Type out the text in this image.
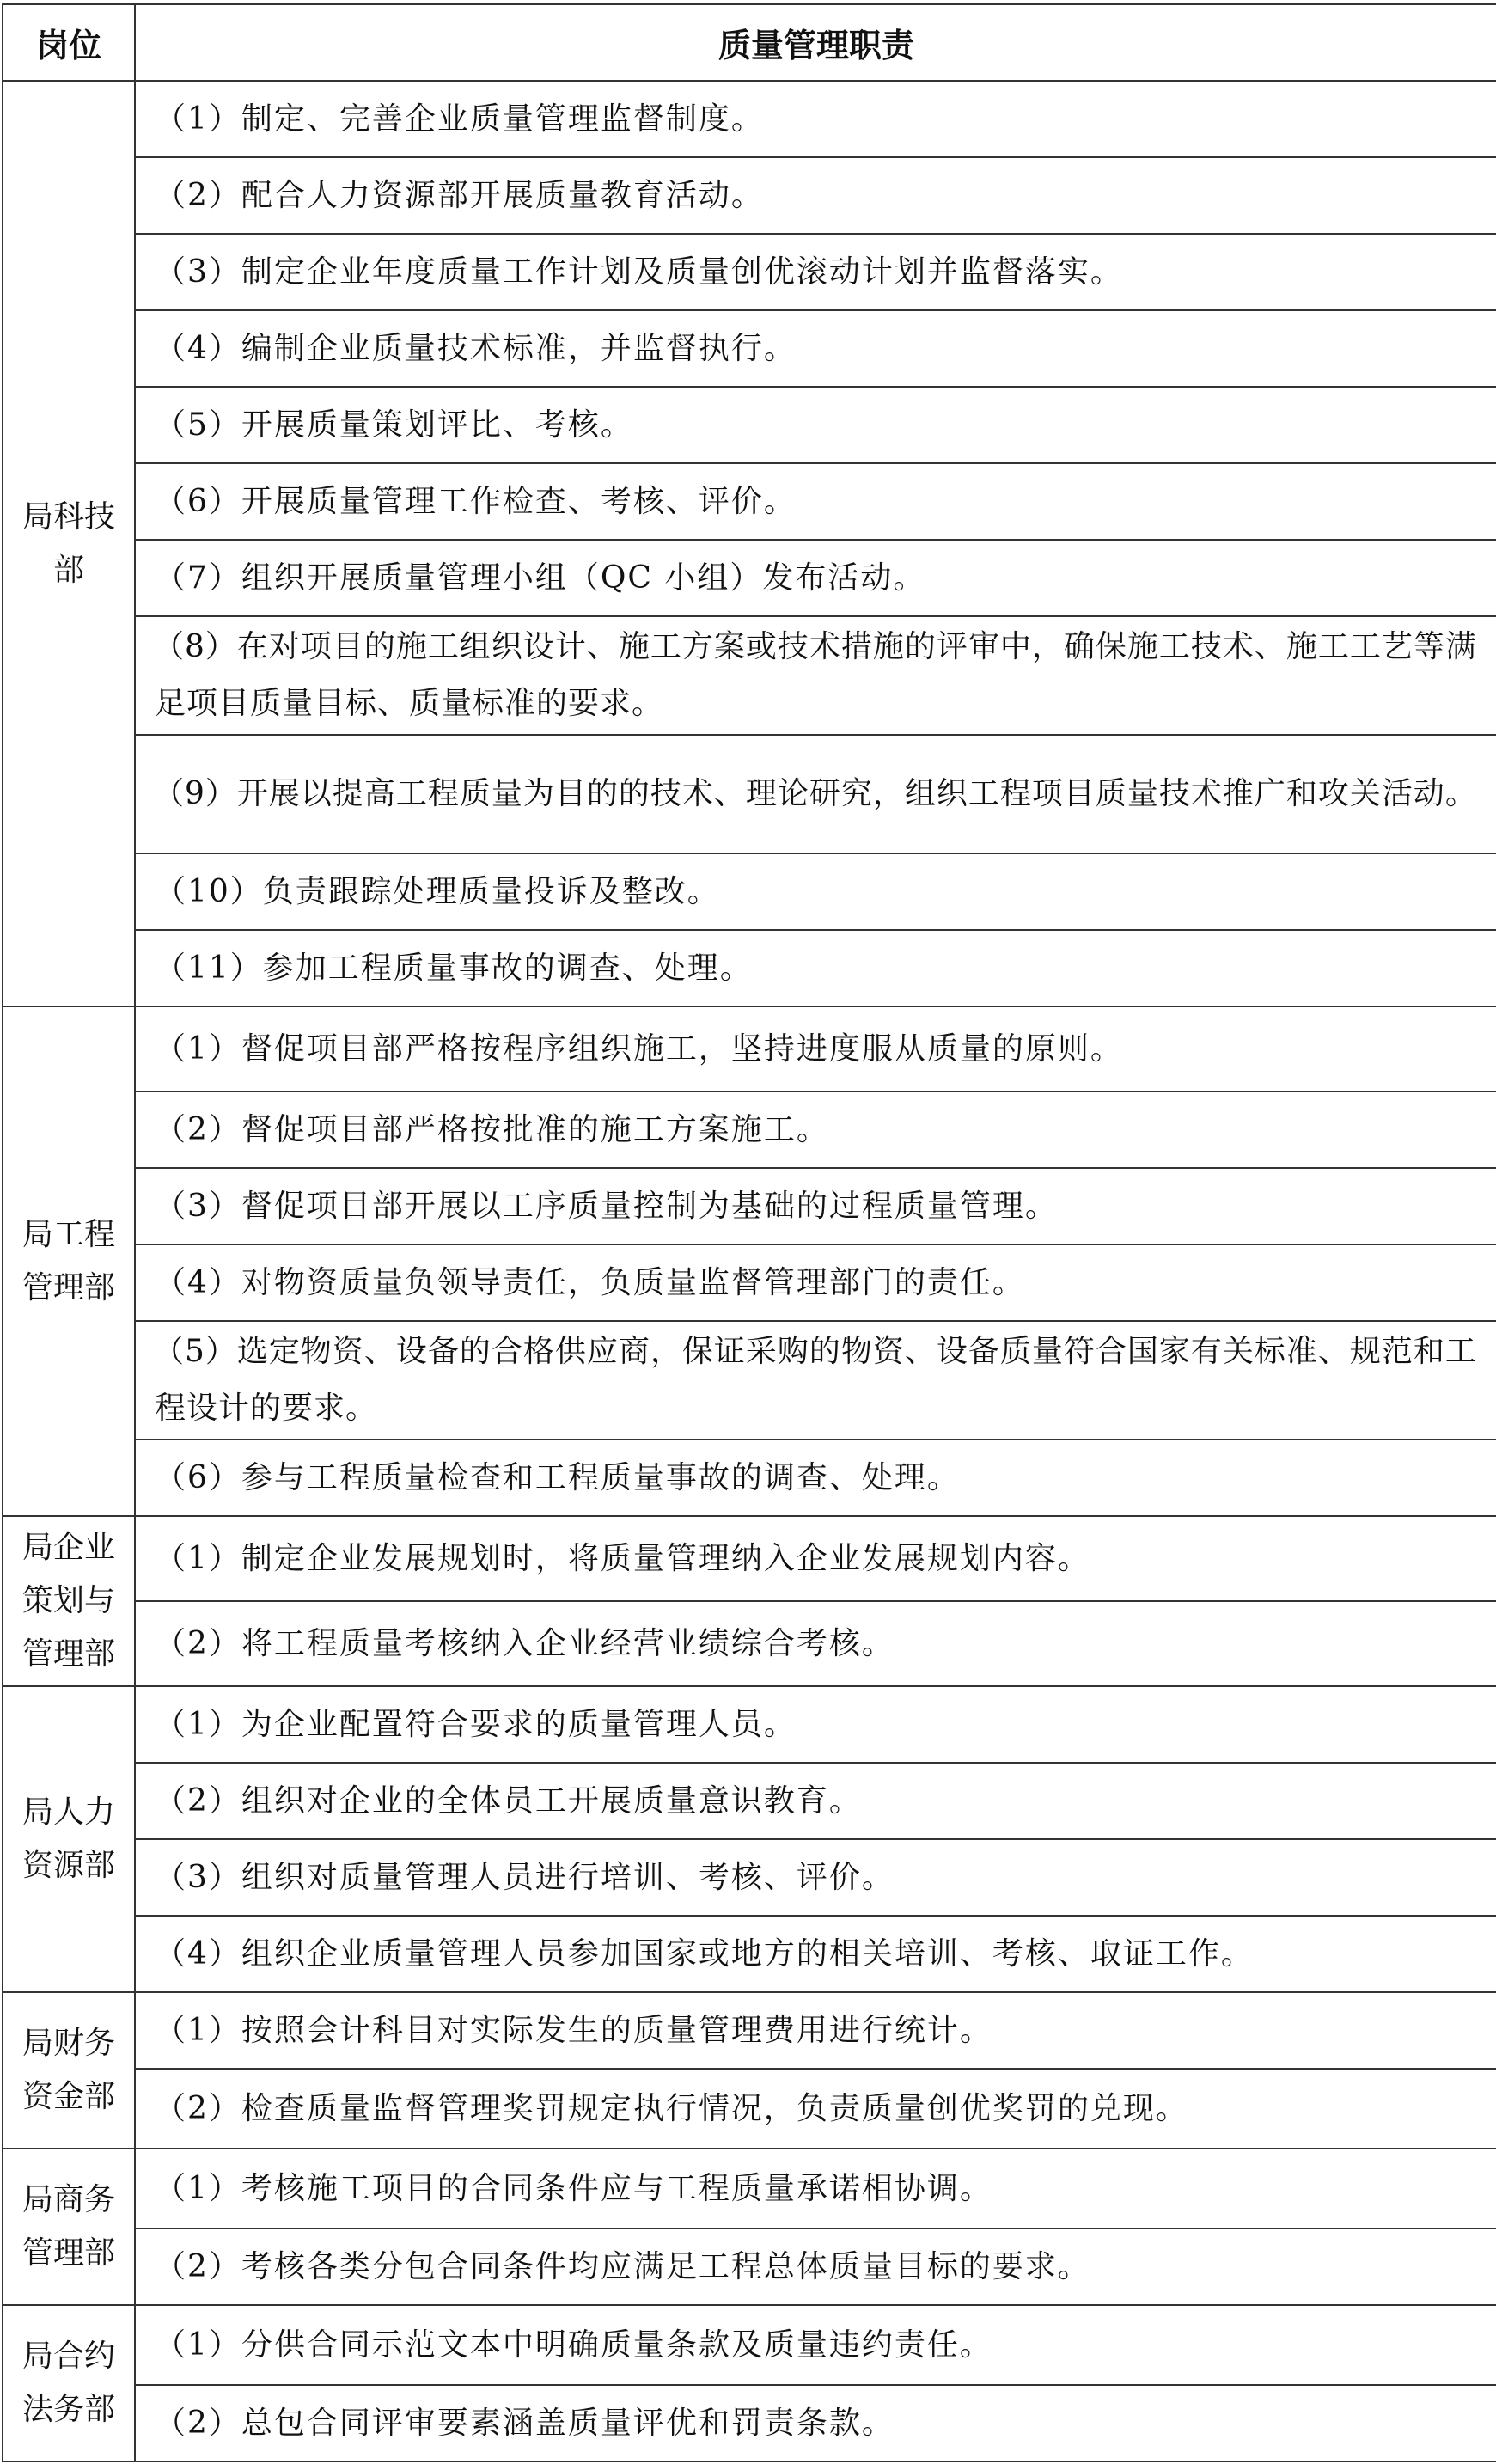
岗位	质量管理职责
局科技部	（1）制定、完善企业质量管理监督制度。
	（2）配合人力资源部开展质量教育活动。
	（3）制定企业年度质量工作计划及质量创优滚动计划并监督落实。
	（4）编制企业质量技术标准，并监督执行。
	（5）开展质量策划评比、考核。
	（6）开展质量管理工作检查、考核、评价。
	（7）组织开展质量管理小组（QC 小组）发布活动。
	（8）在对项目的施工组织设计、施工方案或技术措施的评审中，确保施工技术、施工工艺等满足项目质量目标、质量标准的要求。
	（9）开展以提高工程质量为目的的技术、理论研究，组织工程项目质量技术推广和攻关活动。
	（10）负责跟踪处理质量投诉及整改。
	（11）参加工程质量事故的调查、处理。
局工程管理部	（1）督促项目部严格按程序组织施工，坚持进度服从质量的原则。
	（2）督促项目部严格按批准的施工方案施工。
	（3）督促项目部开展以工序质量控制为基础的过程质量管理。
	（4）对物资质量负领导责任，负质量监督管理部门的责任。
	（5）选定物资、设备的合格供应商，保证采购的物资、设备质量符合国家有关标准、规范和工程设计的要求。
	（6）参与工程质量检查和工程质量事故的调查、处理。
局企业策划与管理部	（1）制定企业发展规划时，将质量管理纳入企业发展规划内容。
	（2）将工程质量考核纳入企业经营业绩综合考核。
局人力资源部	（1）为企业配置符合要求的质量管理人员。
	（2）组织对企业的全体员工开展质量意识教育。
	（3）组织对质量管理人员进行培训、考核、评价。
	（4）组织企业质量管理人员参加国家或地方的相关培训、考核、取证工作。
局财务资金部	（1）按照会计科目对实际发生的质量管理费用进行统计。
	（2）检查质量监督管理奖罚规定执行情况，负责质量创优奖罚的兑现。
局商务管理部	（1）考核施工项目的合同条件应与工程质量承诺相协调。
	（2）考核各类分包合同条件均应满足工程总体质量目标的要求。
局合约法务部	（1）分供合同示范文本中明确质量条款及质量违约责任。
	（2）总包合同评审要素涵盖质量评优和罚责条款。
